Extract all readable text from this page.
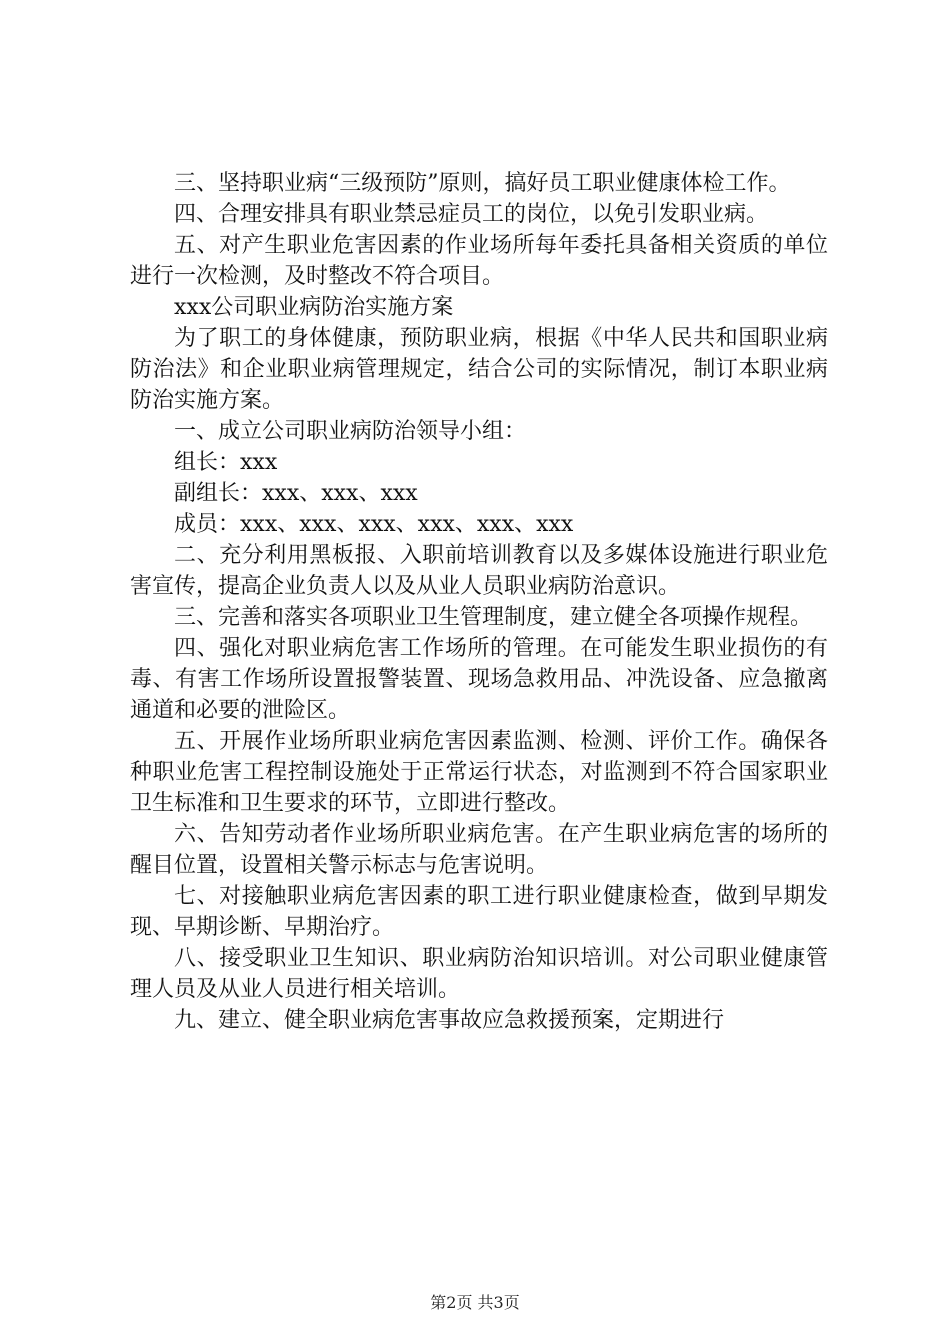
三、坚持职业病“三级预防”原则，搞好员工职业健康体检工作。

四、合理安排具有职业禁忌症员工的岗位，以免引发职业病。

五、对产生职业危害因素的作业场所每年委托具备相关资质的单位进行一次检测，及时整改不符合项目。

xxx公司职业病防治实施方案

为了职工的身体健康，预防职业病，根据《中华人民共和国职业病防治法》和企业职业病管理规定，结合公司的实际情况，制订本职业病防治实施方案。

一、成立公司职业病防治领导小组：

组长：xxx

副组长：xxx、xxx、xxx

成员：xxx、xxx、xxx、xxx、xxx、xxx

二、充分利用黑板报、入职前培训教育以及多媒体设施进行职业危害宣传，提高企业负责人以及从业人员职业病防治意识。

三、完善和落实各项职业卫生管理制度，建立健全各项操作规程。

四、强化对职业病危害工作场所的管理。在可能发生职业损伤的有毒、有害工作场所设置报警装置、现场急救用品、冲洗设备、应急撤离通道和必要的泄险区。

五、开展作业场所职业病危害因素监测、检测、评价工作。确保各种职业危害工程控制设施处于正常运行状态，对监测到不符合国家职业卫生标准和卫生要求的环节，立即进行整改。

六、告知劳动者作业场所职业病危害。在产生职业病危害的场所的醒目位置，设置相关警示标志与危害说明。

七、对接触职业病危害因素的职工进行职业健康检查，做到早期发现、早期诊断、早期治疗。

八、接受职业卫生知识、职业病防治知识培训。对公司职业健康管理人员及从业人员进行相关培训。

九、建立、健全职业病危害事故应急救援预案，定期进行

第2页 共3页
